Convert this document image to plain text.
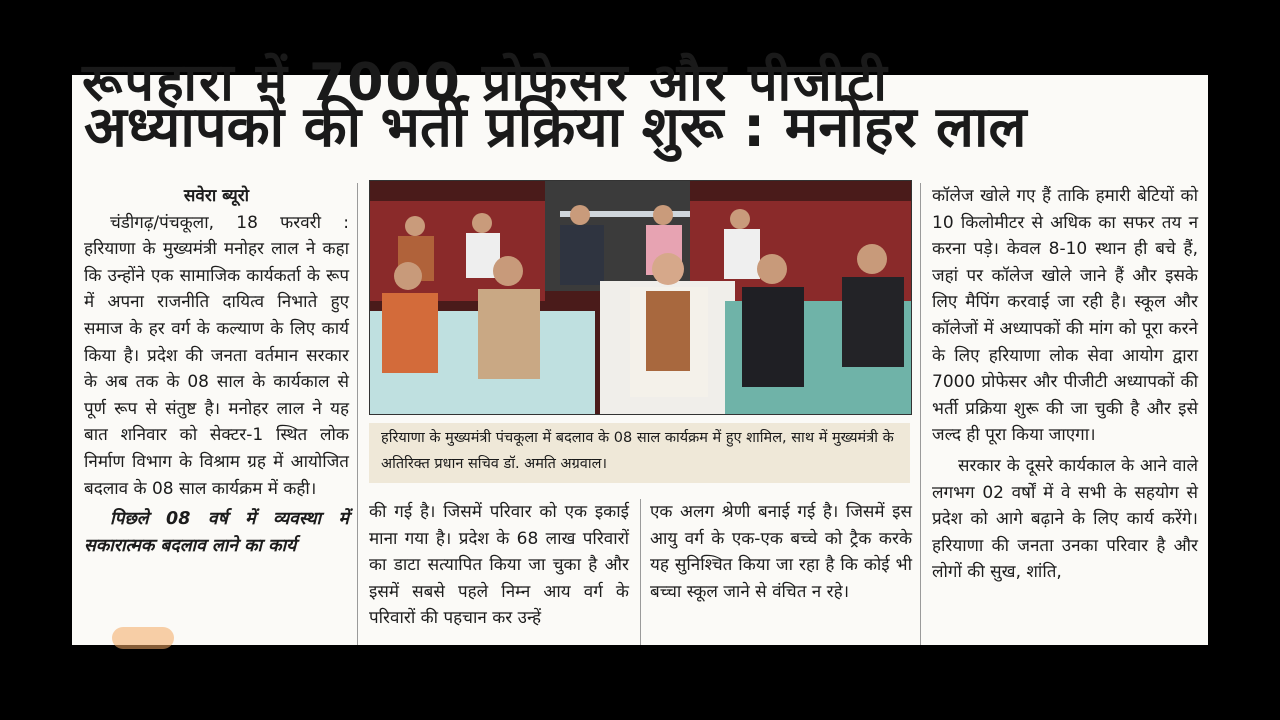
रूपहारा में 7000 प्रोफेसर और पीजीटी
अध्यापकों की भर्ती प्रक्रिया शुरू : मनोहर लाल

सवेरा ब्यूरो

चंडीगढ़/पंचकूला, 18 फरवरी : हरियाणा के मुख्यमंत्री मनोहर लाल ने कहा कि उन्होंने एक सामाजिक कार्यकर्ता के रूप में अपना राजनीति दायित्व निभाते हुए समाज के हर वर्ग के कल्याण के लिए कार्य किया है। प्रदेश की जनता वर्तमान सरकार के अब तक के 08 साल के कार्यकाल से पूर्ण रूप से संतुष्ट है। मनोहर लाल ने यह बात शनिवार को सेक्टर-1 स्थित लोक निर्माण विभाग के विश्राम ग्रह में आयोजित बदलाव के 08 साल कार्यक्रम में कही।

पिछले 08 वर्ष में व्यवस्था में सकारात्मक बदलाव लाने का कार्य

हरियाणा के मुख्यमंत्री पंचकूला में बदलाव के 08 साल कार्यक्रम में हुए शामिल, साथ में मुख्यमंत्री के अतिरिक्त प्रधान सचिव डॉ. अमति अग्रवाल।

की गई है। जिसमें परिवार को एक इकाई माना गया है। प्रदेश के 68 लाख परिवारों का डाटा सत्यापित किया जा चुका है और इसमें सबसे पहले निम्न आय वर्ग के परिवारों की पहचान कर उन्हें

एक अलग श्रेणी बनाई गई है। जिसमें इस आयु वर्ग के एक-एक बच्चे को ट्रैक करके यह सुनिश्चित किया जा रहा है कि कोई भी बच्चा स्कूल जाने से वंचित न रहे।

कॉलेज खोले गए हैं ताकि हमारी बेटियों को 10 किलोमीटर से अधिक का सफर तय न करना पड़े। केवल 8-10 स्थान ही बचे हैं, जहां पर कॉलेज खोले जाने हैं और इसके लिए मैपिंग करवाई जा रही है। स्कूल और कॉलेजों में अध्यापकों की मांग को पूरा करने के लिए हरियाणा लोक सेवा आयोग द्वारा 7000 प्रोफेसर और पीजीटी अध्यापकों की भर्ती प्रक्रिया शुरू की जा चुकी है और इसे जल्द ही पूरा किया जाएगा।

सरकार के दूसरे कार्यकाल के आने वाले लगभग 02 वर्षों में वे सभी के सहयोग से प्रदेश को आगे बढ़ाने के लिए कार्य करेंगे। हरियाणा की जनता उनका परिवार है और लोगों की सुख, शांति,
